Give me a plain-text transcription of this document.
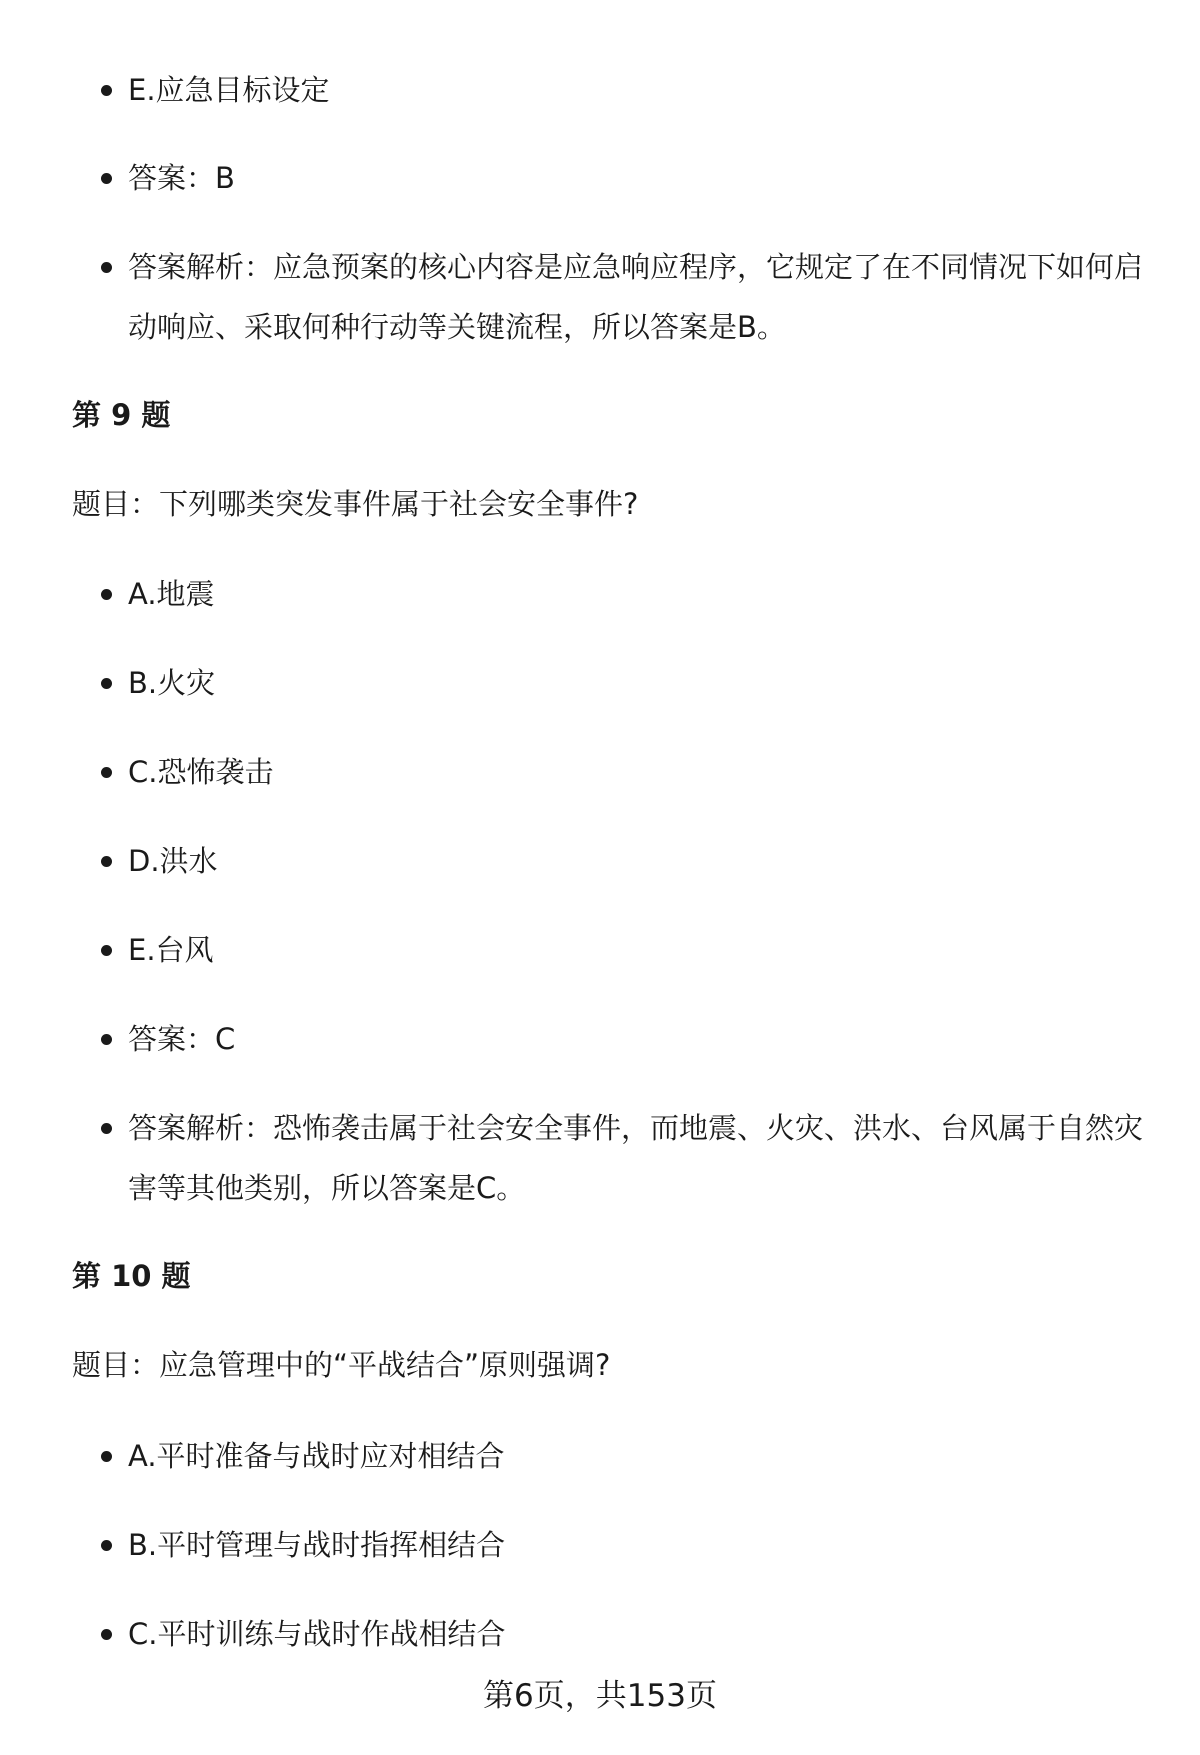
E.应急目标设定
答案：B
答案解析：应急预案的核心内容是应急响应程序，它规定了在不同情况下如何启动响应、采取何种行动等关键流程，所以答案是B。
第 9 题
题目：下列哪类突发事件属于社会安全事件?
A.地震
B.火灾
C.恐怖袭击
D.洪水
E.台风
答案：C
答案解析：恐怖袭击属于社会安全事件，而地震、火灾、洪水、台风属于自然灾害等其他类别，所以答案是C。
第 10 题
题目：应急管理中的“平战结合”原则强调?
A.平时准备与战时应对相结合
B.平时管理与战时指挥相结合
C.平时训练与战时作战相结合
第6页，共153页
